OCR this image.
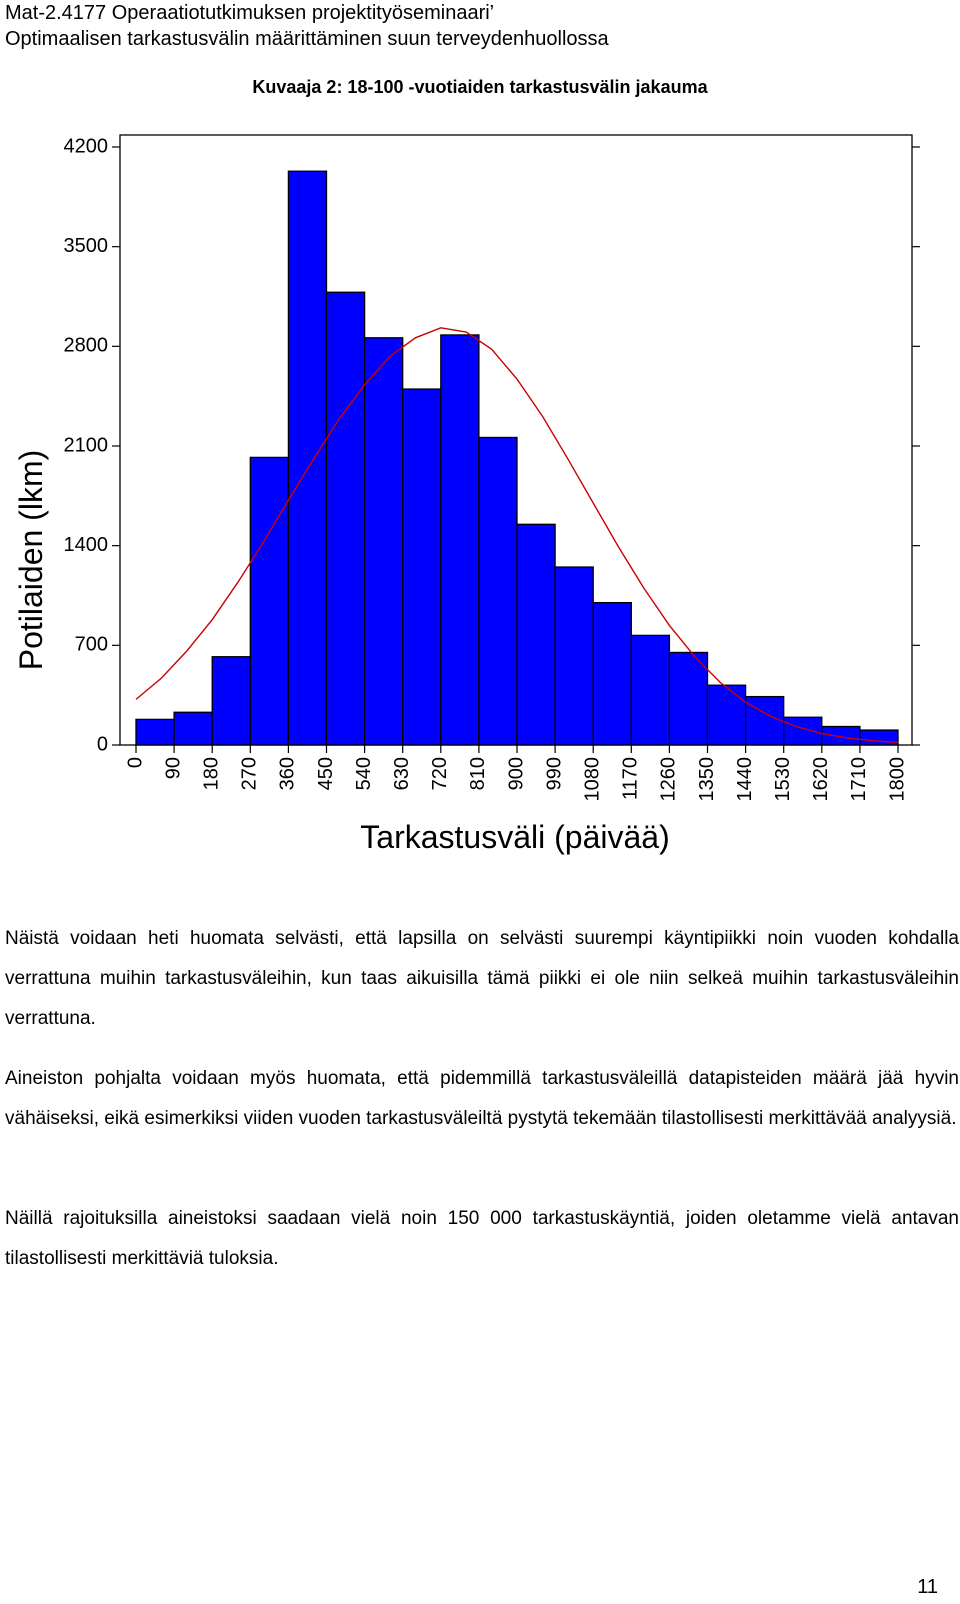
Mat-2.4177 Operaatiotutkimuksen projektityöseminaari’
Optimaalisen tarkastusvälin määrittäminen suun terveydenhuollossa
Kuvaaja 2: 18-100 -vuotiaiden tarkastusvälin jakauma
0 90 180 270 360 450 540 630 720 810 900 990 1080 1170 1260 1350 1440 1530 1620 1710 1800
0
700
1400
2100
2800
3500
4200
Potilaiden (lkm)
Tarkastusväli (päivää)

Näistä voidaan heti huomata selvästi, että lapsilla on selvästi suurempi käyntipiikki noin vuoden kohdalla verrattuna muihin tarkastusväleihin, kun taas aikuisilla tämä piikki ei ole niin selkeä muihin tarkastusväleihin verrattuna.

Aineiston pohjalta voidaan myös huomata, että pidemmillä tarkastusväleillä datapisteiden määrä jää hyvin vähäiseksi, eikä esimerkiksi viiden vuoden tarkastusväleiltä pystytä tekemään tilastollisesti merkittävää analyysiä.

Näillä rajoituksilla aineistoksi saadaan vielä noin 150 000 tarkastuskäyntiä, joiden oletamme vielä antavan tilastollisesti merkittäviä tuloksia.

11
